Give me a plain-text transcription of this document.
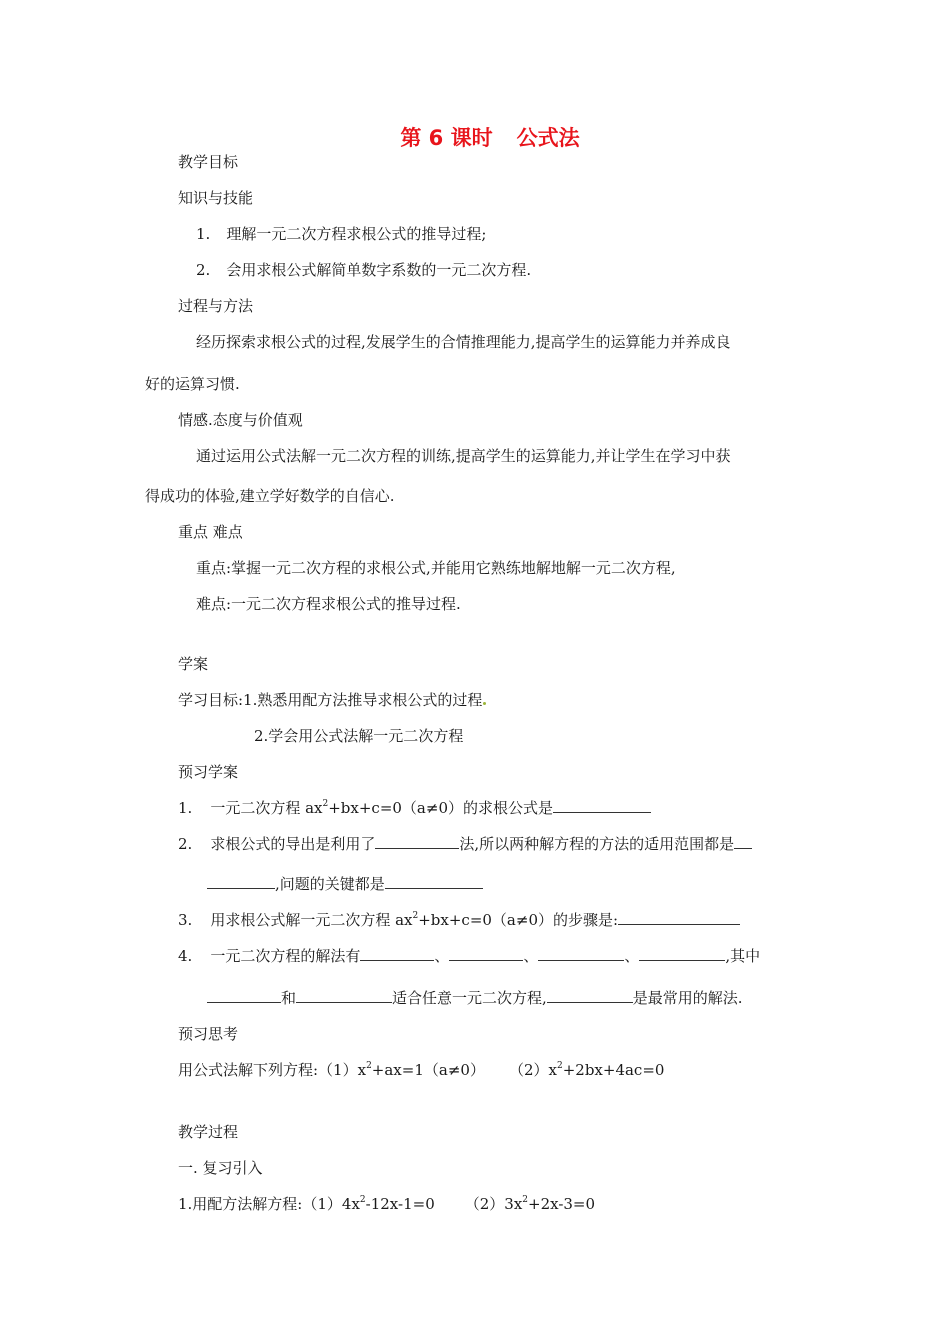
第 6 课时 公式法
教学目标
知识与技能
1. 理解一元二次方程求根公式的推导过程;
2. 会用求根公式解简单数字系数的一元二次方程.
过程与方法
经历探索求根公式的过程,发展学生的合情推理能力,提高学生的运算能力并养成良
好的运算习惯.
情感.态度与价值观
通过运用公式法解一元二次方程的训练,提高学生的运算能力,并让学生在学习中获
得成功的体验,建立学好数学的自信心.
重点 难点
重点:掌握一元二次方程的求根公式,并能用它熟练地解地解一元二次方程,
难点:一元二次方程求根公式的推导过程.
学案
学习目标:1.熟悉用配方法推导求根公式的过程
2.学会用公式法解一元二次方程
预习学案
1. 一元二次方程 $ax^2+bx+c=0(a\ne 0)$的求根公式是
2. 求根公式的导出是利用了	法,所以两种解方程的方法的适用范围都是
,问题的关键都是
3. 用求根公式解一元二次方程 $ax^2+bx+c=0(a\ne 0)$的步骤是:
4. 一元二次方程的解法有	、	、	、	,其中
和	适合任意一元二次方程,	是最常用的解法.
预习思考
用公式法解下列方程$:(1)x^2+ax=1(a\ne 0)$ $(2)x^2+2bx+4ac=0$
教学过程
一. 复习引入
1.用配方法解方程$:(1)4x^2-12x-1=0$ $(2)3x^2+2x-3=0$
